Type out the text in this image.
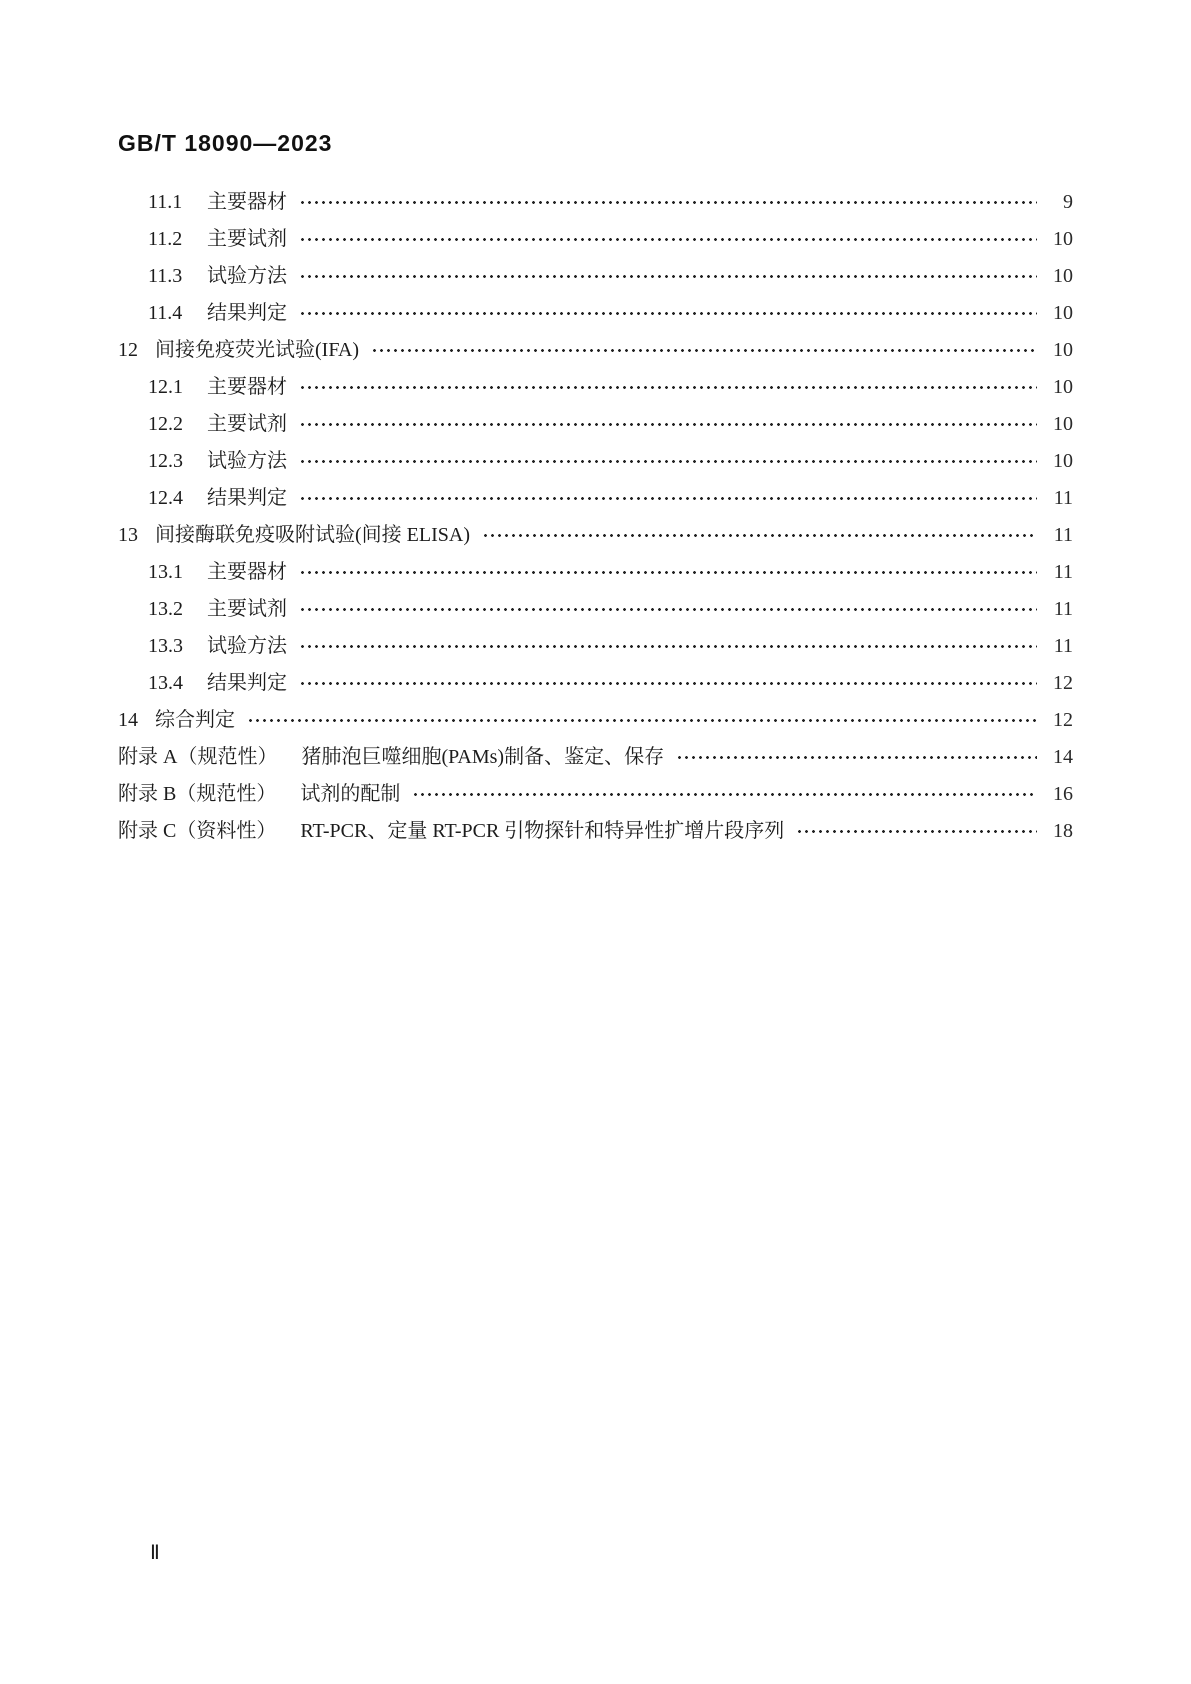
GB/T 18090—2023
11.1	主要器材	9
11.2	主要试剂	10
11.3	试验方法	10
11.4	结果判定	10
12 间接免疫荧光试验(IFA)	10
12.1	主要器材	10
12.2	主要试剂	10
12.3	试验方法	10
12.4	结果判定	11
13 间接酶联免疫吸附试验(间接 ELISA)	11
13.1	主要器材	11
13.2	主要试剂	11
13.3	试验方法	11
13.4	结果判定	12
14 综合判定	12
附录 A（规范性） 猪肺泡巨噬细胞(PAMs)制备、鉴定、保存	14
附录 B（规范性） 试剂的配制	16
附录 C（资料性） RT-PCR、定量 RT-PCR 引物探针和特异性扩增片段序列	18
Ⅱ
